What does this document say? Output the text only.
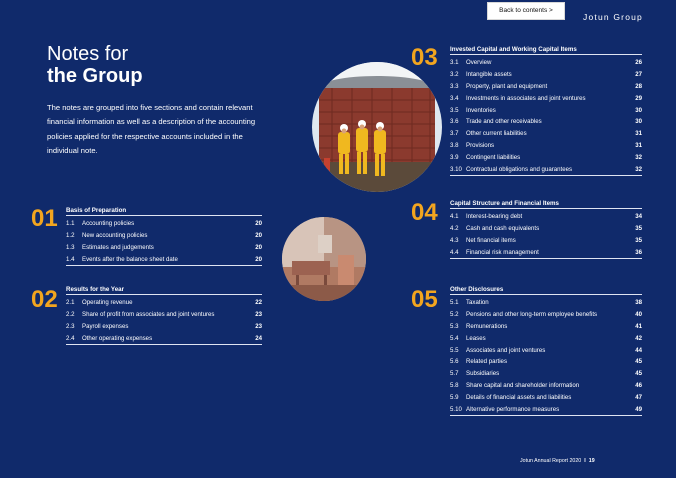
Back to contents >
Jotun Group
Notes for
the Group
The notes are grouped into five sections and contain relevant financial information as well as a description of the accounting policies applied for the respective accounts included in the individual note.
01 Basis of Preparation
1.1	Accounting policies	20
1.2	New accounting policies	20
1.3	Estimates and judgements	20
1.4	Events after the balance sheet date	20
02 Results for the Year
2.1	Operating revenue	22
2.2	Share of profit from associates and joint ventures	23
2.3	Payroll expenses	23
2.4	Other operating expenses	24
03 Invested Capital and Working Capital Items
3.1	Overview	26
3.2	Intangible assets	27
3.3	Property, plant and equipment	28
3.4	Investments in associates and joint ventures	29
3.5	Inventories	30
3.6	Trade and other receivables	30
3.7	Other current liabilities	31
3.8	Provisions	31
3.9	Contingent liabilities	32
3.10 Contractual obligations and guarantees	32
04 Capital Structure and Financial Items
4.1	Interest-bearing debt	34
4.2	Cash and cash equivalents	35
4.3	Net financial items	35
4.4	Financial risk management	36
05 Other Disclosures
5.1	Taxation	38
5.2	Pensions and other long-term employee benefits	40
5.3	Remunerations	41
5.4	Leases	42
5.5	Associates and joint ventures	44
5.6	Related parties	45
5.7	Subsidiaries	45
5.8	Share capital and shareholder information	46
5.9	Details of financial assets and liabilities	47
5.10 Alternative performance measures	49
Jotun Annual Report 2020 I 19
